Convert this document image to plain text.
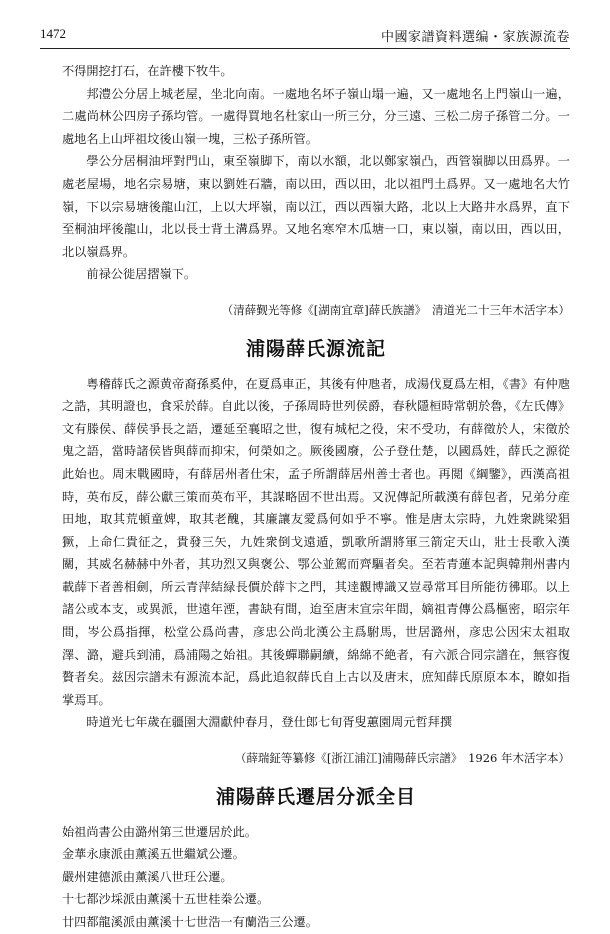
1472	中國家譜資料選编・家族源流卷

不得開挖打石，在許樓下牧牛。

邦澧公分居上城老屋，坐北向南。一處地名坏子嶺山塌一遍，又一處地名上門嶺山一遍，二處尚林公四房子孫均管。一處得買地名杜家山一所三分，分三遠、三松二房子孫管二分。一處地名上山坪祖坟後山嶺一塊，三松子孫所管。

學公分居桐油坪對門山，東至嶺脚下，南以水額，北以鄭家嶺凸，西管嶺脚以田爲界。一處老屋場，地名宗易塘，東以劉姓石牆，南以田，西以田，北以祖門土爲界。又一處地名大竹嶺，下以宗易塘後龍山江，上以大坪嶺，南以江，西以西嶺大路，北以上大路井水爲界，直下至桐油坪後龍山，北以長士背土溝爲界。又地名寒窄木瓜塘一口，東以嶺，南以田，西以田，北以嶺爲界。

前禄公徙居摺嶺下。

（清薛觐光等修《[湖南宜章]薛氏族譜》　清道光二十三年木活字本）

浦陽薛氏源流記

粤稽薛氏之源黄帝裔孫奚仲，在夏爲車正，其後有仲虺者，成湯伐夏爲左相，《書》有仲虺之誥，其明證也，食采於薛。自此以後，子孫周時世列侯爵，春秋隱桓時常朝於魯，《左氏傳》文有滕侯、薛侯爭長之語，遷延至襄昭之世，復有城杞之役，宋不受功，有薛徵於人，宋徵於鬼之語，當時諸侯皆與薛而抑宋，何榮如之。厥後國廢，公子登仕楚，以國爲姓，薛氏之源從此始也。周末戰國時，有薛居州者仕宋，孟子所謂薛居州善士者也。再閲《綱鑒》，西漢高祖時，英布反，薛公獻三策而英布平，其謀略固不世出焉。又況傳記所載漢有薛包者，兄弟分産田地，取其荒頓童婢，取其老醜，其廉讓友愛爲何如乎不寧。惟是唐太宗時，九姓衆跳梁猖獗，上命仁貴征之，貴發三矢，九姓衆倒戈遠遁，凱歌所謂將軍三箭定天山，壯士長歌入漢關，其威名赫赫中外者，其功烈又與褒公、鄂公並駕而齊驅者矣。至若青蓮本記與韓荆州書内載薛下者善相劍，所云青萍結緑長價於薛卞之門，其逹觀博識又豈尋常耳目所能彷彿耶。以上諸公或本支，或異派，世遠年湮，書缺有間，迨至唐末宣宗年間，嫡祖青傳公爲樞密，昭宗年間，岑公爲指揮，松堂公爲尚書，彦忠公尚北漢公主爲駙馬，世居潞州，彦忠公因宋太祖取澤、潞，避兵到浦，爲浦陽之始祖。其後蟬聯嗣續，綿綿不絶者，有六派合同宗譜在，無容復贅者矣。兹因宗譜未有源流本記，爲此追叙薛氏自上古以及唐末，庶知薛氏原原本本，瞭如指掌焉耳。

時道光七年歲在疆圉大淵獻仲春月，登仕郎七旬胥叟蕙園周元哲拜撰

（薛瑞鉦等纂修《[浙江浦江]浦陽薛氏宗譜》　1926 年木活字本）

浦陽薛氏遷居分派全目

始祖尚書公由潞州第三世遷居於此。

金華永康派由薰溪五世繼斌公遷。

嚴州建德派由薰溪八世玨公遷。

十七都沙埰派由薰溪十五世桂桊公遷。

廿四都龍溪派由薰溪十七世浩一有蘭浩三公遷。
